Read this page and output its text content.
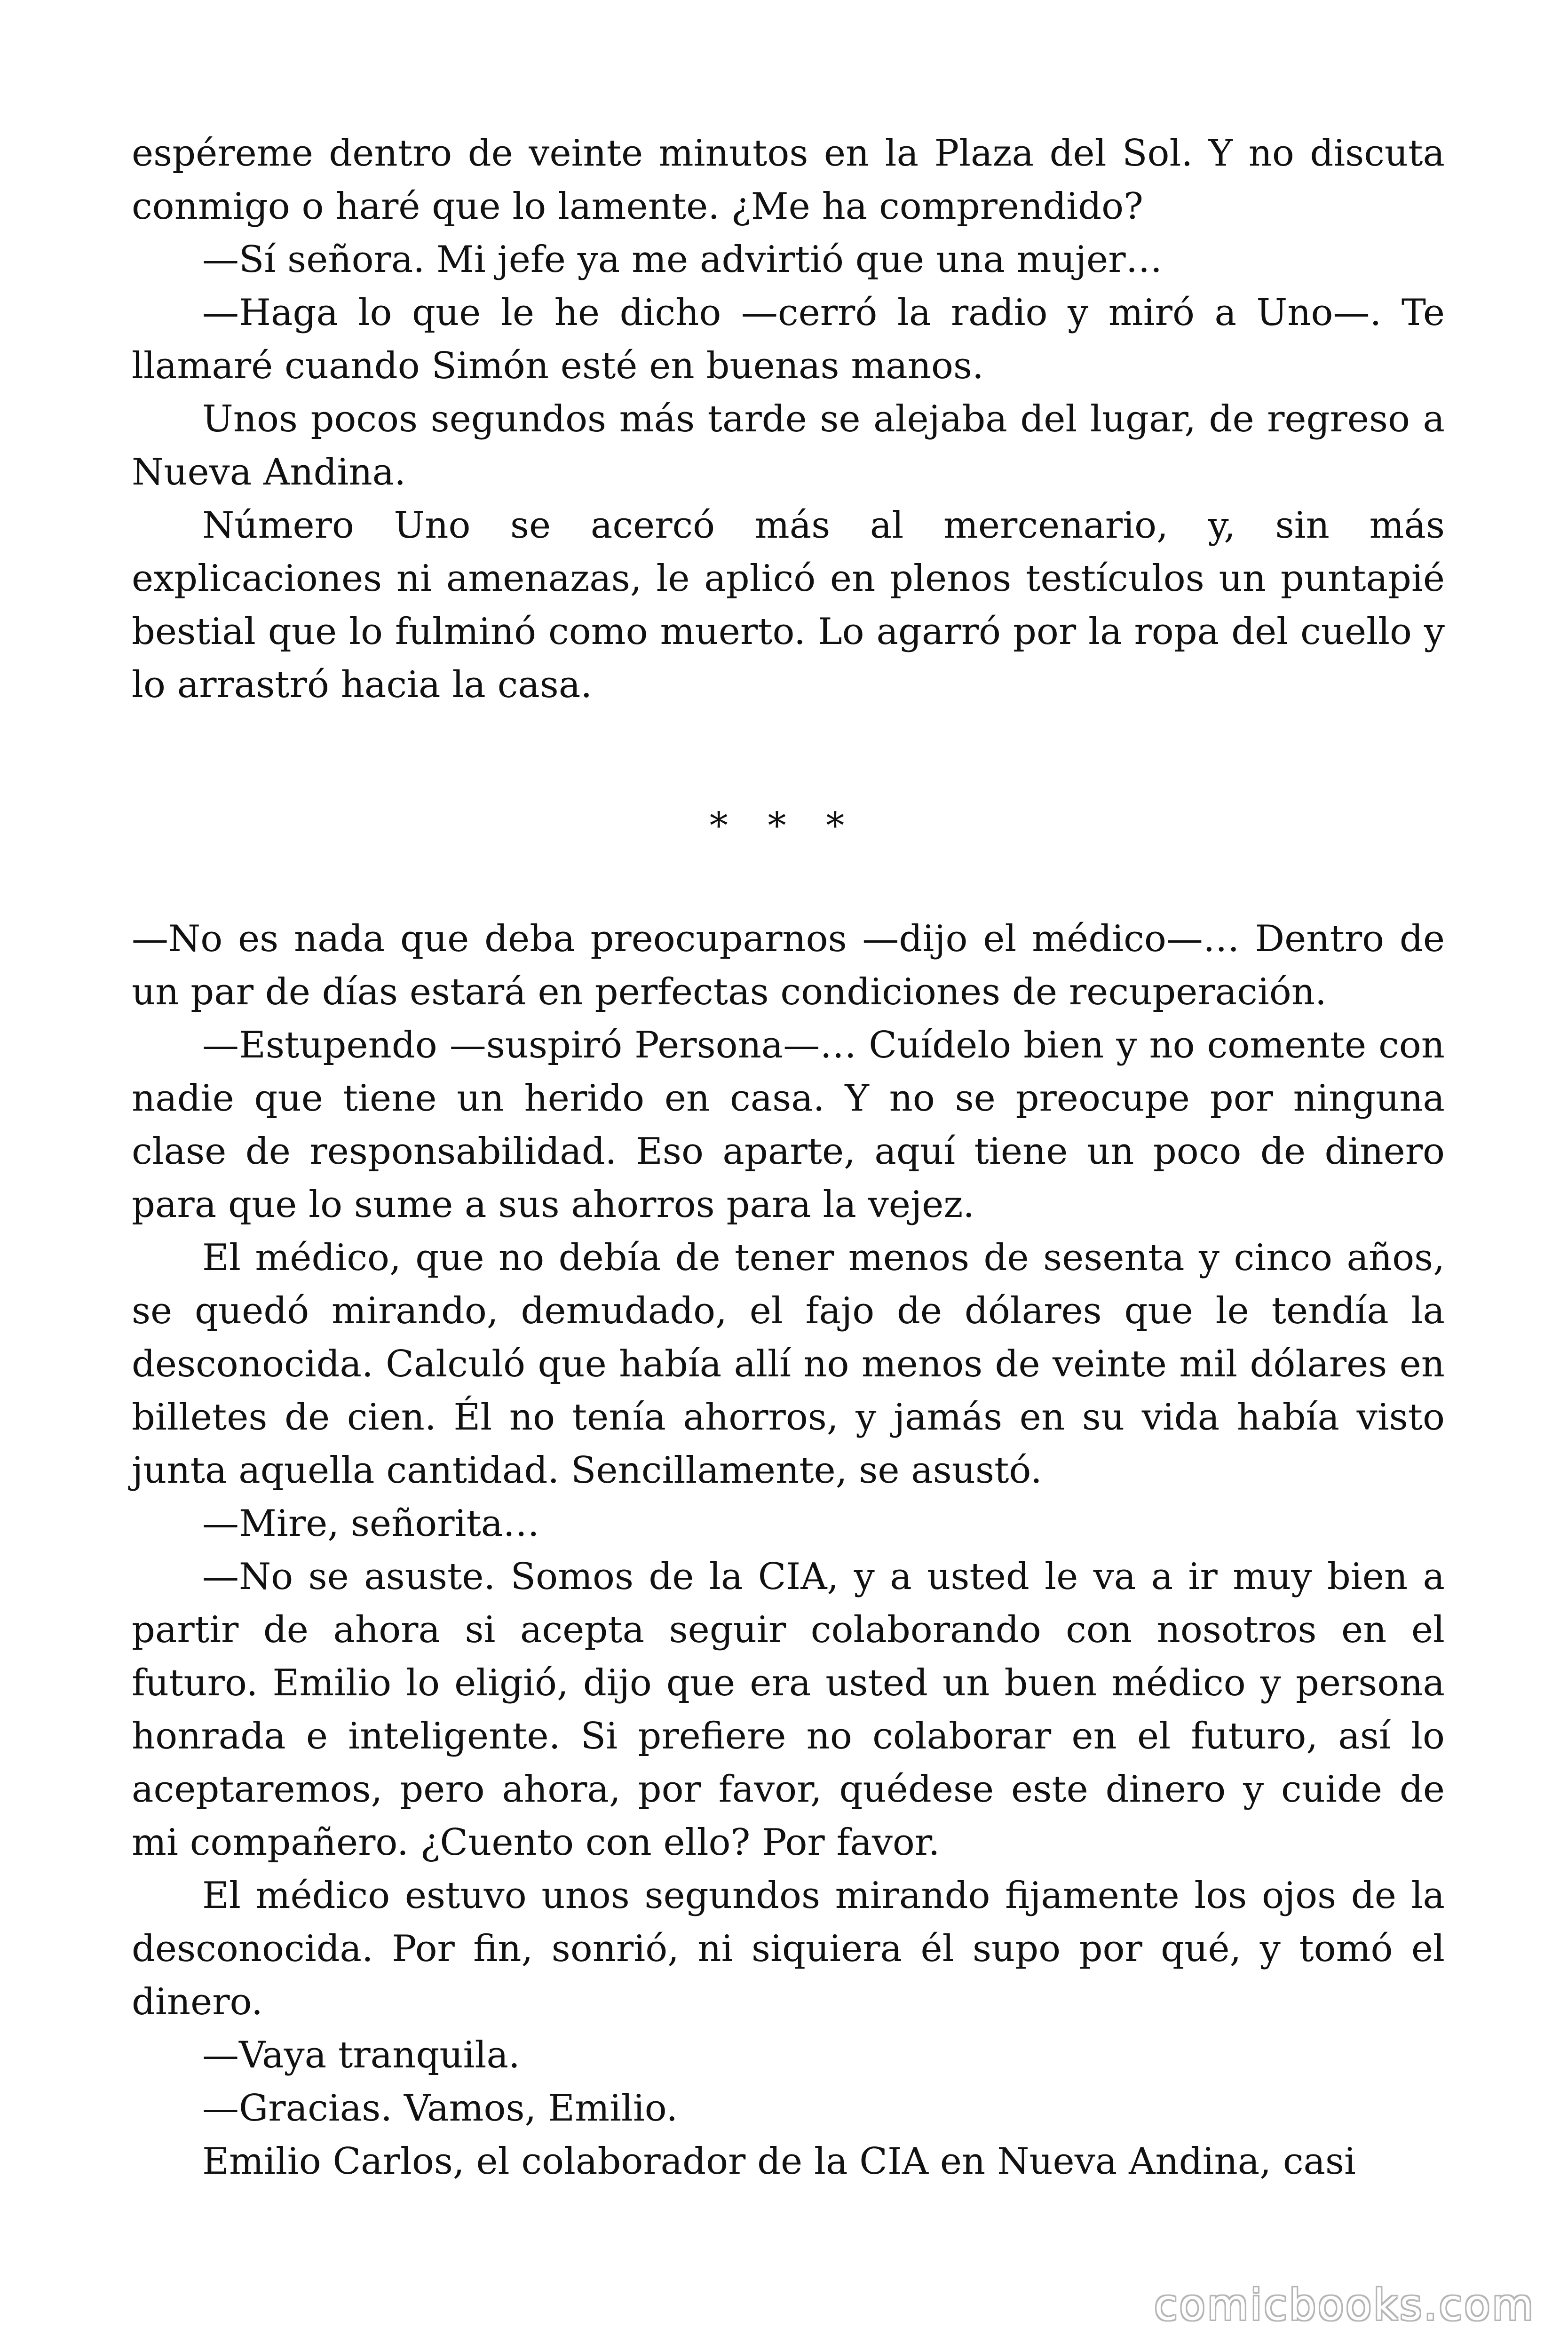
espéreme dentro de veinte minutos en la Plaza del Sol. Y no discuta conmigo o haré que lo lamente. ¿Me ha comprendido?

—Sí señora. Mi jefe ya me advirtió que una mujer…

—Haga lo que le he dicho —cerró la radio y miró a Uno—. Te llamaré cuando Simón esté en buenas manos.

Unos pocos segundos más tarde se alejaba del lugar, de regreso a Nueva Andina.

Número Uno se acercó más al mercenario, y, sin más explicaciones ni amenazas, le aplicó en plenos testículos un puntapié bestial que lo fulminó como muerto. Lo agarró por la ropa del cuello y lo arrastró hacia la casa.

* * *

—No es nada que deba preocuparnos —dijo el médico—… Dentro de un par de días estará en perfectas condiciones de recuperación.

—Estupendo —suspiró Persona—… Cuídelo bien y no comente con nadie que tiene un herido en casa. Y no se preocupe por ninguna clase de responsabilidad. Eso aparte, aquí tiene un poco de dinero para que lo sume a sus ahorros para la vejez.

El médico, que no debía de tener menos de sesenta y cinco años, se quedó mirando, demudado, el fajo de dólares que le tendía la desconocida. Calculó que había allí no menos de veinte mil dólares en billetes de cien. Él no tenía ahorros, y jamás en su vida había visto junta aquella cantidad. Sencillamente, se asustó.

—Mire, señorita…

—No se asuste. Somos de la CIA, y a usted le va a ir muy bien a partir de ahora si acepta seguir colaborando con nosotros en el futuro. Emilio lo eligió, dijo que era usted un buen médico y persona honrada e inteligente. Si prefiere no colaborar en el futuro, así lo aceptaremos, pero ahora, por favor, quédese este dinero y cuide de mi compañero. ¿Cuento con ello? Por favor.

El médico estuvo unos segundos mirando fijamente los ojos de la desconocida. Por fin, sonrió, ni siquiera él supo por qué, y tomó el dinero.

—Vaya tranquila.

—Gracias. Vamos, Emilio.

Emilio Carlos, el colaborador de la CIA en Nueva Andina, casi

comicbooks.com
